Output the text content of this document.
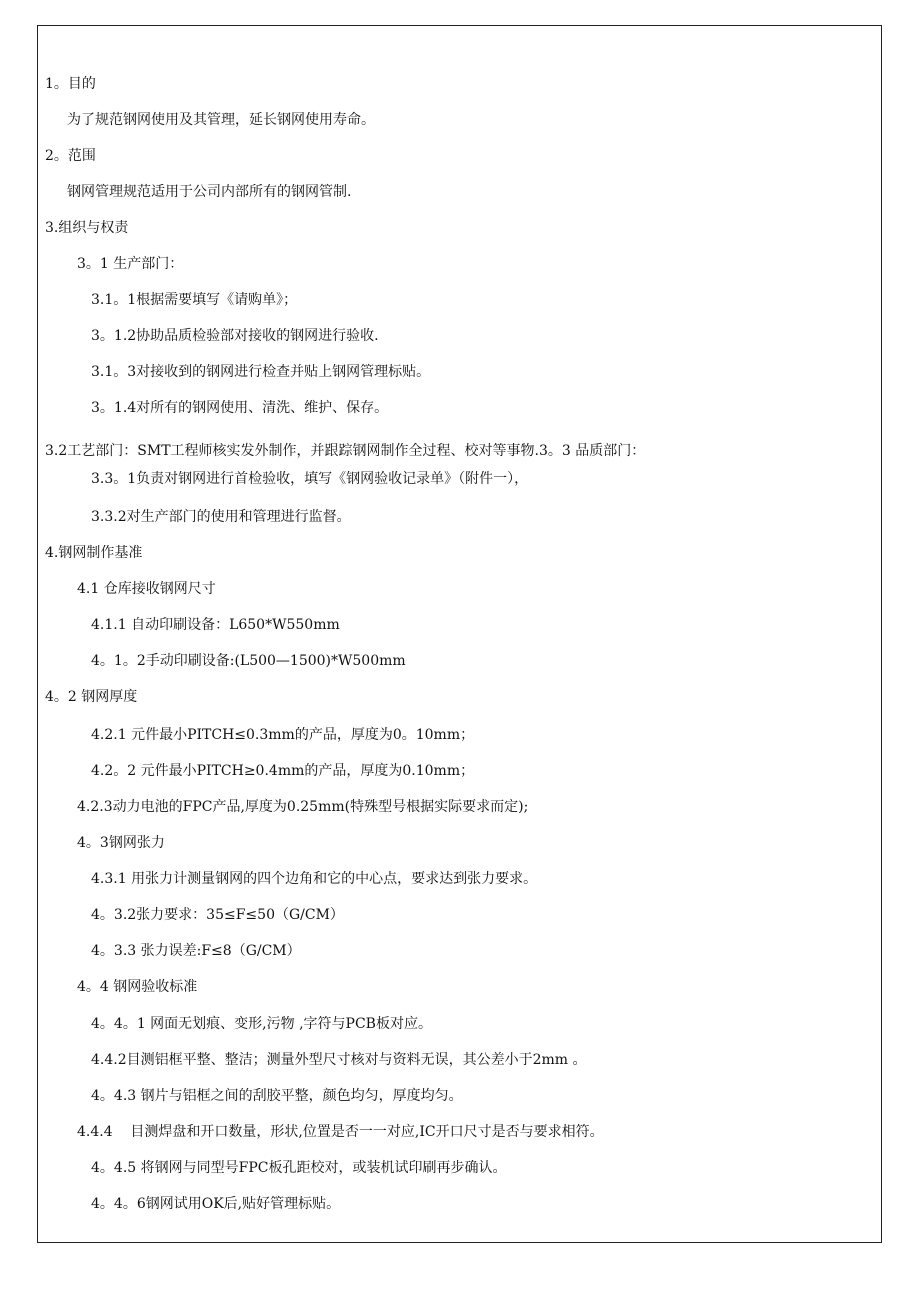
1。目的
为了规范钢网使用及其管理，延长钢网使用寿命。
2。范围
钢网管理规范适用于公司内部所有的钢网管制.
3.组织与权责
3。1 生产部门：
3.1。1根据需要填写《请购单》；
3。1.2协助品质检验部对接收的钢网进行验收.
3.1。3对接收到的钢网进行检查并贴上钢网管理标贴。
3。1.4对所有的钢网使用、清洗、维护、保存。
3.2工艺部门：SMT工程师核实发外制作，并跟踪钢网制作全过程、校对等事物.3。3 品质部门：
3.3。1负责对钢网进行首检验收，填写《钢网验收记录单》（附件一），
3.3.2对生产部门的使用和管理进行监督。
4.钢网制作基准
4.1 仓库接收钢网尺寸
4.1.1 自动印刷设备：L650*W550mm
4。1。2手动印刷设备:(L500—1500)*W500mm
4。2 钢网厚度
4.2.1 元件最小PITCH≤0.3mm的产品，厚度为0。10mm；
4.2。2 元件最小PITCH≥0.4mm的产品，厚度为0.10mm；
4.2.3动力电池的FPC产品,厚度为0.25mm(特殊型号根据实际要求而定);
4。3钢网张力
4.3.1 用张力计测量钢网的四个边角和它的中心点，要求达到张力要求。
4。3.2张力要求：35≤F≤50（G/CM）
4。3.3 张力误差:F≤8（G/CM）
4。4 钢网验收标准
4。4。1 网面无划痕、变形,污物 ,字符与PCB板对应。
4.4.2目测铝框平整、整洁；测量外型尺寸核对与资料无误，其公差小于2mm 。
4。4.3 钢片与铝框之间的刮胶平整，颜色均匀，厚度均匀。
4.4.4    目测焊盘和开口数量，形状,位置是否一一对应,IC开口尺寸是否与要求相符。
4。4.5 将钢网与同型号FPC板孔距校对，或装机试印刷再步确认。
4。4。6钢网试用OK后,贴好管理标贴。
